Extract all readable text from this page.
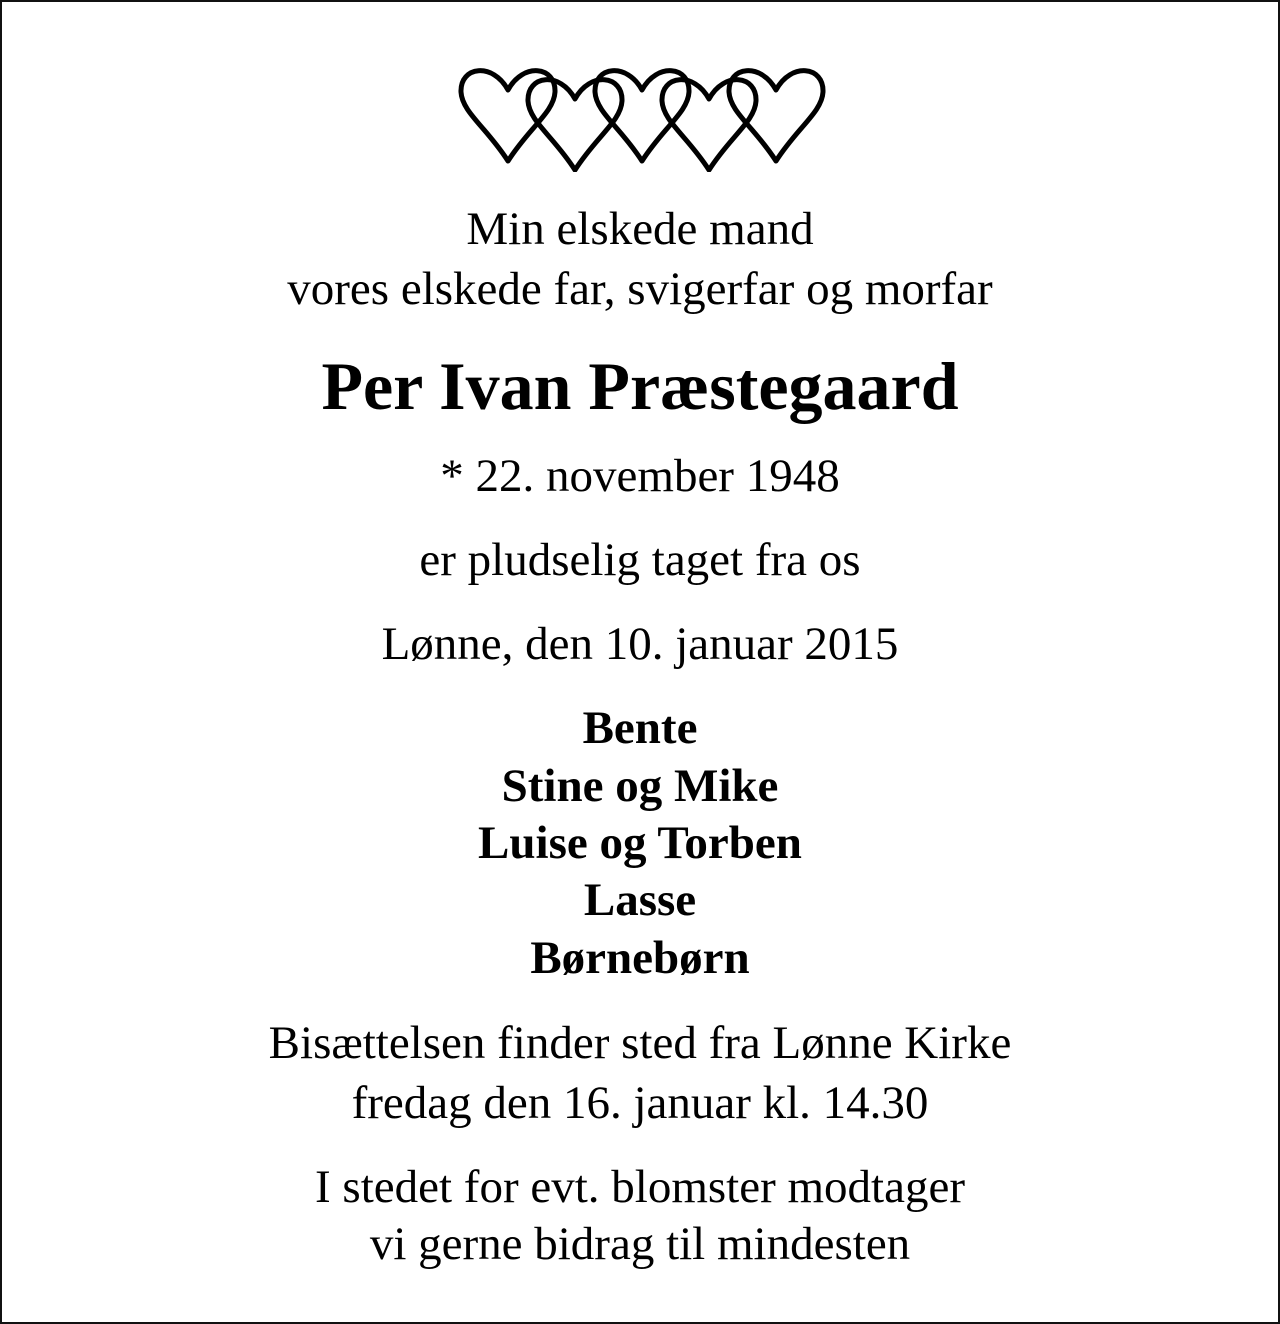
Min elskede mand
vores elskede far, svigerfar og morfar
Per Ivan Præstegaard
* 22. november 1948
er pludselig taget fra os
Lønne, den 10. januar 2015
Bente
Stine og Mike
Luise og Torben
Lasse
Børnebørn
Bisættelsen finder sted fra Lønne Kirke
fredag den 16. januar kl. 14.30
I stedet for evt. blomster modtager
vi gerne bidrag til mindesten
